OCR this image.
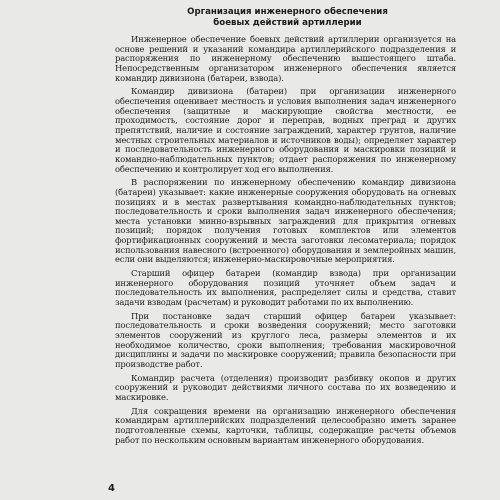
Организация инженерного обеспечения
боевых действий артиллерии

Инженерное обеспечение боевых действий артиллерии организуется на основе решений и указаний командира артиллерийского подразделения и распоряжения по инженерному обеспечению вышестоящего штаба. Непосредственным организатором инженерного обеспечения является командир дивизиона (батареи, взвода).

Командир дивизиона (батареи) при организации инженерного обеспечения оценивает местность и условия выполнения задач инженерного обеспечения (защитные и маскирующие свойства местности, ее проходимость, состояние дорог и переправ, водных преград и других препятствий, наличие и состояние заграждений, характер грунтов, наличие местных строительных материалов и источников воды); определяет характер и последовательность инженерного оборудования и маскировки позиций и командно-наблюдательных пунктов; отдает распоряжения по инженерному обеспечению и контролирует ход его выполнения.

В распоряжении по инженерному обеспечению командир дивизиона (батареи) указывает: какие инженерные сооружения оборудовать на огневых позициях и в местах развертывания командно-наблюдательных пунктов; последовательность и сроки выполнения задач инженерного обеспечения; места установки минно-взрывных заграждений для прикрытия огневых позиций; порядок получения готовых комплектов или элементов фортификационных сооружений и места заготовки лесоматериала; порядок использования навесного (встроенного) оборудования и землеройных машин, если они выделяются; инженерно-маскировочные мероприятия.

Старший офицер батареи (командир взвода) при организации инженерного оборудования позиций уточняет объем задач и последовательность их выполнения, распределяет силы и средства, ставит задачи взводам (расчетам) и руководит работами по их выполнению.

При постановке задач старший офицер батареи указывает: последовательность и сроки возведения сооружений; место заготовки элементов сооружений из круглого леса, размеры элементов и их необходимое количество, сроки выполнения; требования маскировочной дисциплины и задачи по маскировке сооружений; правила безопасности при производстве работ.

Командир расчета (отделения) производит разбивку окопов и других сооружений и руководит действиями личного состава по их возведению и маскировке.

Для сокращения времени на организацию инженерного обеспечения командирам артиллерийских подразделений целесообразно иметь заранее подготовленные схемы, карточки, таблицы, содержащие расчеты объемов работ по нескольким основным вариантам инженерного оборудования.

4
